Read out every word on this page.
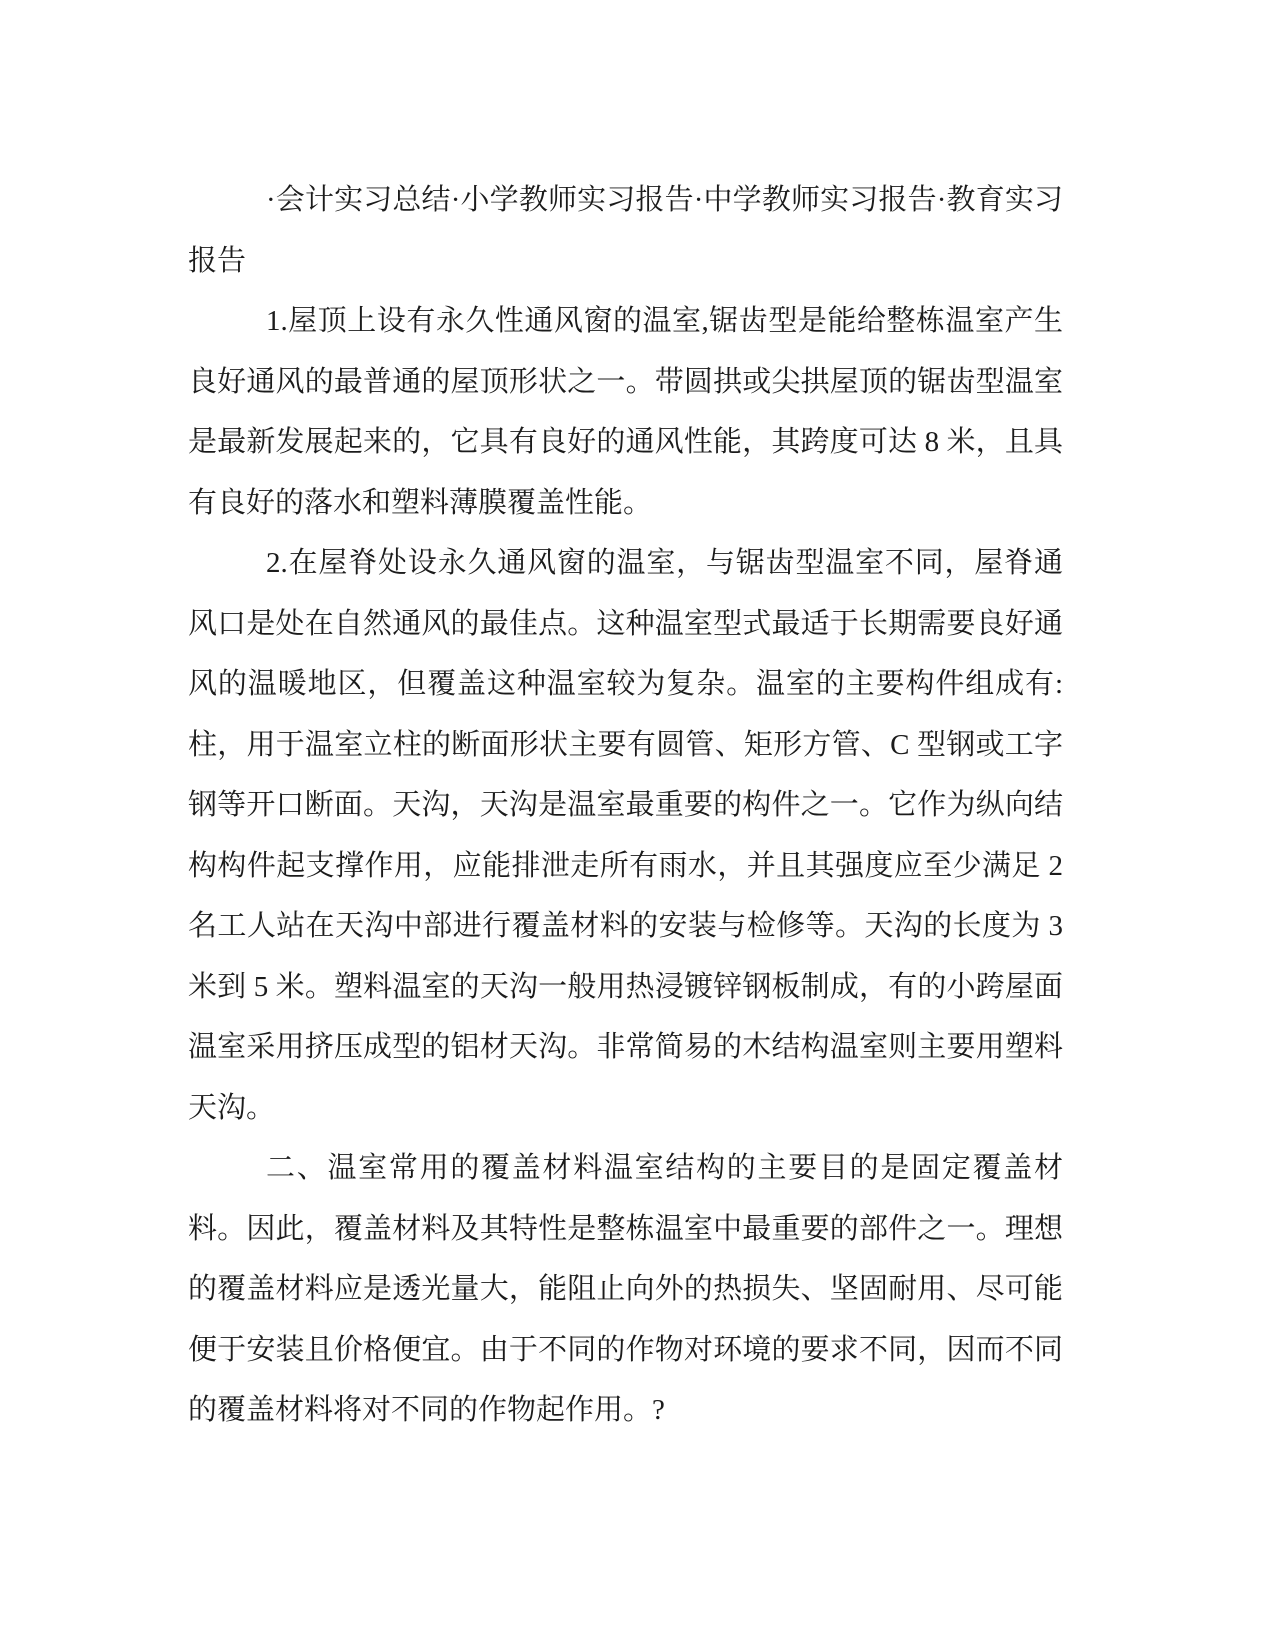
·会计实习总结·小学教师实习报告·中学教师实习报告·教育实习报告

1.屋顶上设有永久性通风窗的温室,锯齿型是能给整栋温室产生良好通风的最普通的屋顶形状之一。带圆拱或尖拱屋顶的锯齿型温室是最新发展起来的，它具有良好的通风性能，其跨度可达 8 米，且具有良好的落水和塑料薄膜覆盖性能。

2.在屋脊处设永久通风窗的温室，与锯齿型温室不同，屋脊通风口是处在自然通风的最佳点。这种温室型式最适于长期需要良好通风的温暖地区，但覆盖这种温室较为复杂。温室的主要构件组成有:柱，用于温室立柱的断面形状主要有圆管、矩形方管、C 型钢或工字钢等开口断面。天沟，天沟是温室最重要的构件之一。它作为纵向结构构件起支撑作用，应能排泄走所有雨水，并且其强度应至少满足 2 名工人站在天沟中部进行覆盖材料的安装与检修等。天沟的长度为 3 米到 5 米。塑料温室的天沟一般用热浸镀锌钢板制成，有的小跨屋面温室采用挤压成型的铝材天沟。非常简易的木结构温室则主要用塑料天沟。

二、温室常用的覆盖材料温室结构的主要目的是固定覆盖材料。因此，覆盖材料及其特性是整栋温室中最重要的部件之一。理想的覆盖材料应是透光量大，能阻止向外的热损失、坚固耐用、尽可能便于安装且价格便宜。由于不同的作物对环境的要求不同，因而不同的覆盖材料将对不同的作物起作用。?
